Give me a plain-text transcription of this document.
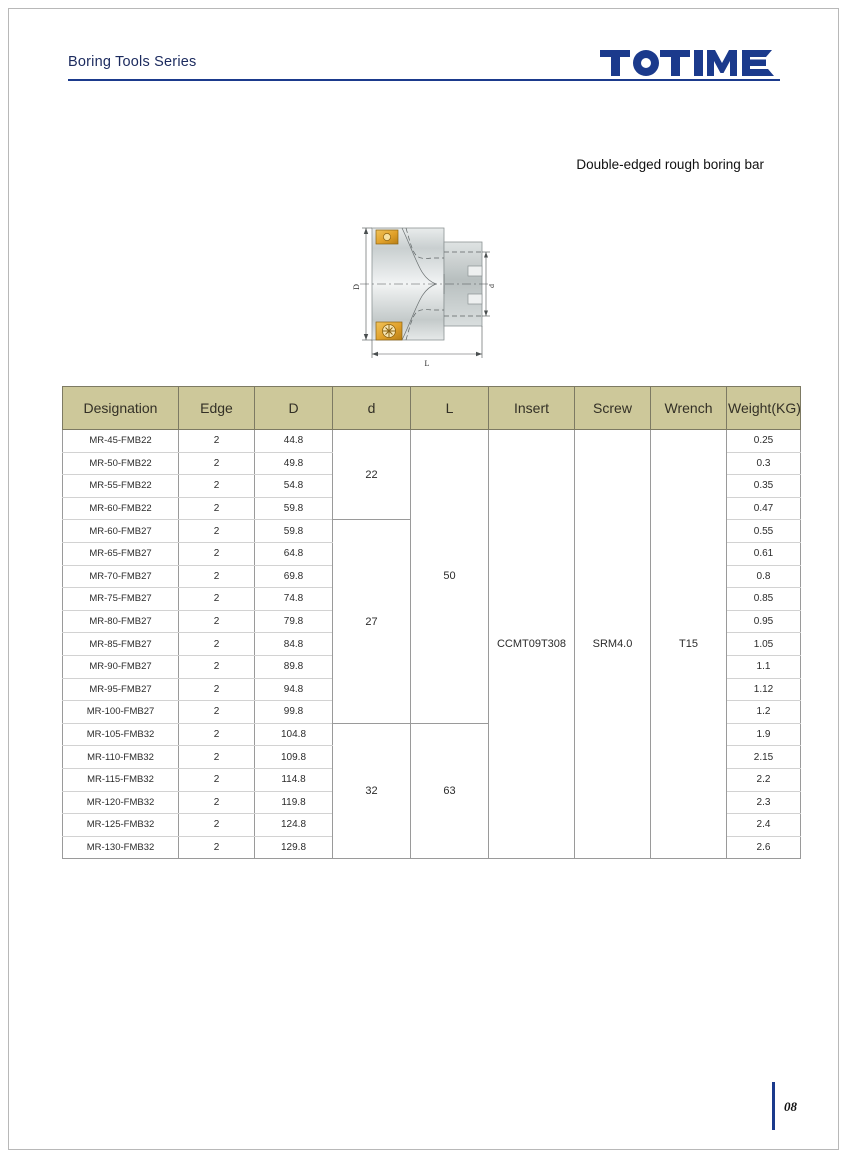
Boring Tools Series
Double-edged rough boring bar
D	d
L
Designation	Edge	D	d	L	Insert	Screw	Wrench	Weight(KG)
MR-45-FMB22	2	44.8	22	50	CCMT09T308	SRM4.0	T15	0.25
MR-50-FMB22	2	49.8						0.3
MR-55-FMB22	2	54.8						0.35
MR-60-FMB22	2	59.8						0.47
MR-60-FMB27	2	59.8	27					0.55
MR-65-FMB27	2	64.8						0.61
MR-70-FMB27	2	69.8						0.8
MR-75-FMB27	2	74.8						0.85
MR-80-FMB27	2	79.8						0.95
MR-85-FMB27	2	84.8						1.05
MR-90-FMB27	2	89.8						1.1
MR-95-FMB27	2	94.8						1.12
MR-100-FMB27	2	99.8						1.2
MR-105-FMB32	2	104.8	32	63				1.9
MR-110-FMB32	2	109.8						2.15
MR-115-FMB32	2	114.8						2.2
MR-120-FMB32	2	119.8						2.3
MR-125-FMB32	2	124.8						2.4
MR-130-FMB32	2	129.8						2.6
08
